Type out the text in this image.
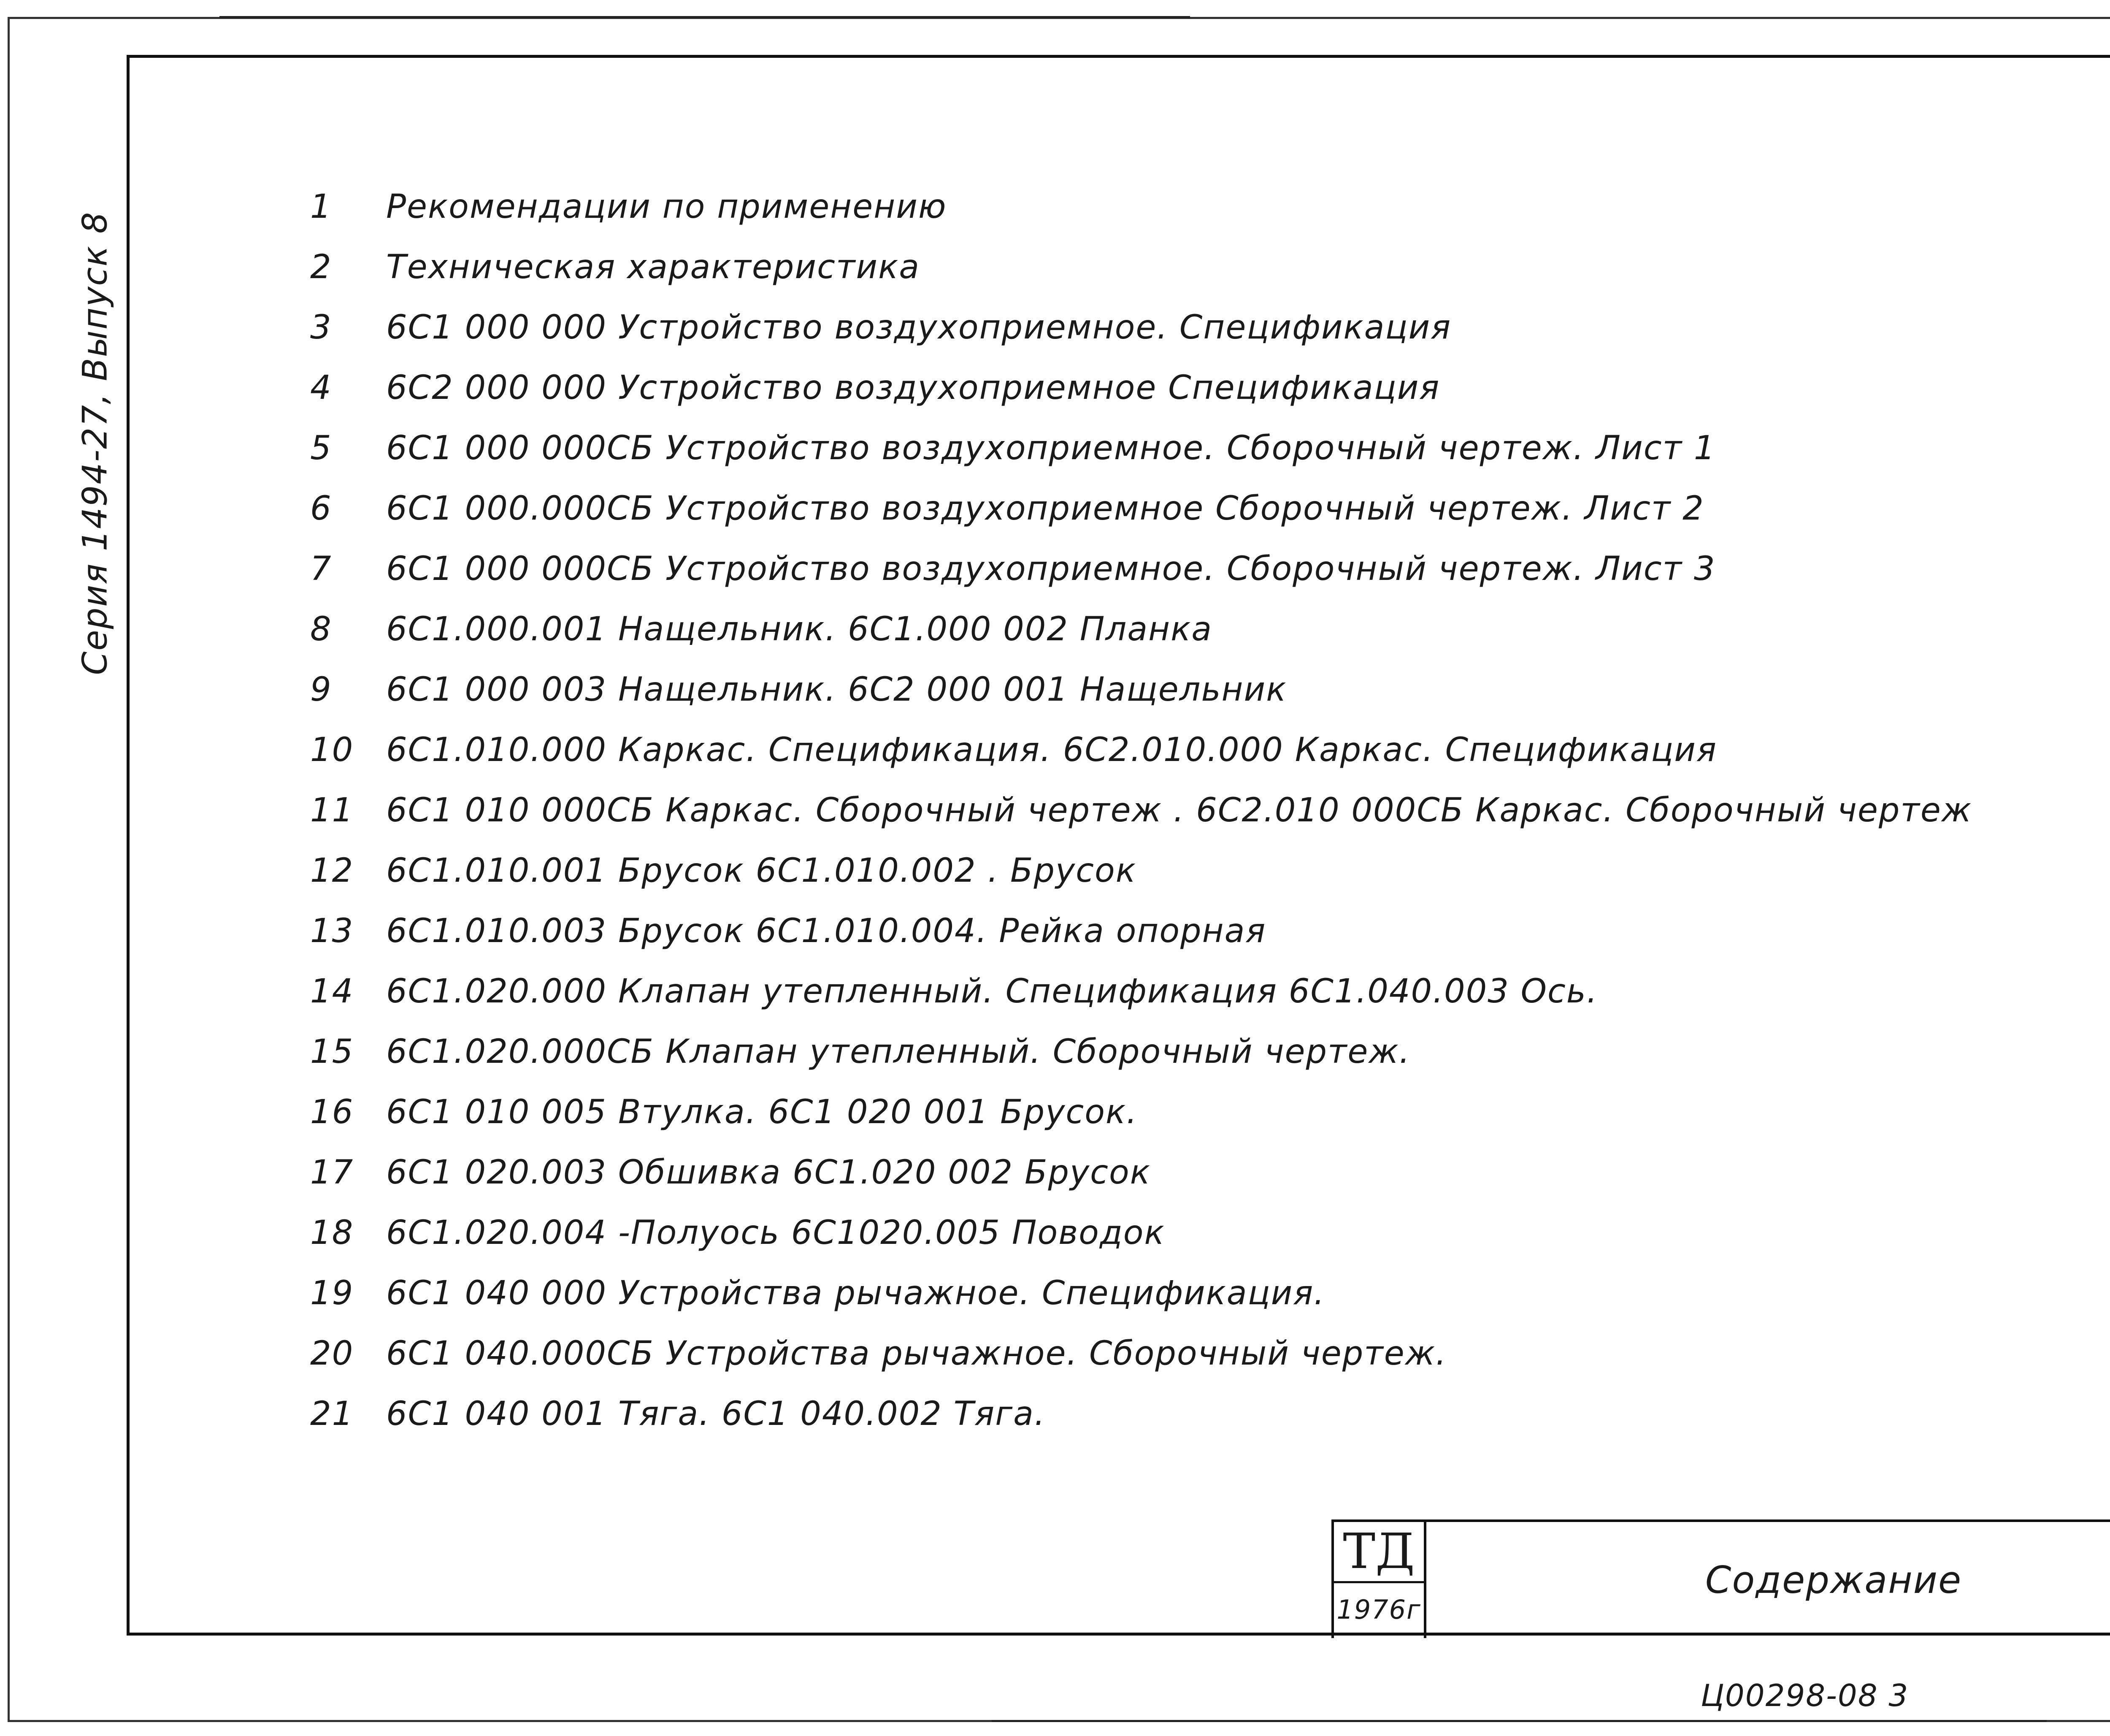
Серия 1494-27, Выпуск 8
1 Рекомендации по применению
2 Техническая характеристика
3 6С1 000 000 Устройство воздухоприемное. Спецификация
4 6С2 000 000 Устройство воздухоприемное Спецификация
5 6С1 000 000СБ Устройство воздухоприемное. Сборочный чертеж. Лист 1
6 6С1 000.000СБ Устройство воздухоприемное Сборочный чертеж. Лист 2
7 6С1 000 000СБ Устройство воздухоприемное. Сборочный чертеж. Лист 3
8 6С1.000.001 Нащельник. 6С1.000 002 Планка
9 6С1 000 003 Нащельник. 6С2 000 001 Нащельник
10 6С1.010.000 Каркас. Спецификация. 6С2.010.000 Каркас. Спецификация
11 6С1 010 000СБ Каркас. Сборочный чертеж . 6С2.010 000СБ Каркас. Сборочный чертеж
12 6С1.010.001 Брусок 6С1.010.002 . Брусок
13 6С1.010.003 Брусок 6С1.010.004. Рейка опорная
14 6С1.020.000 Клапан утепленный. Спецификация 6С1.040.003 Ось.
15 6С1.020.000СБ Клапан утепленный. Сборочный чертеж.
16 6С1 010 005 Втулка. 6С1 020 001 Брусок.
17 6С1 020.003 Обшивка 6С1.020 002 Брусок
18 6С1.020.004 -Полуось 6С1020.005 Поводок
19 6С1 040 000 Устройства рычажное. Спецификация.
20 6С1 040.000СБ Устройства рычажное. Сборочный чертеж.
21 6С1 040 001 Тяга. 6С1 040.002 Тяга.
ТД
1976г
Содержание
Ц00298-08 3
